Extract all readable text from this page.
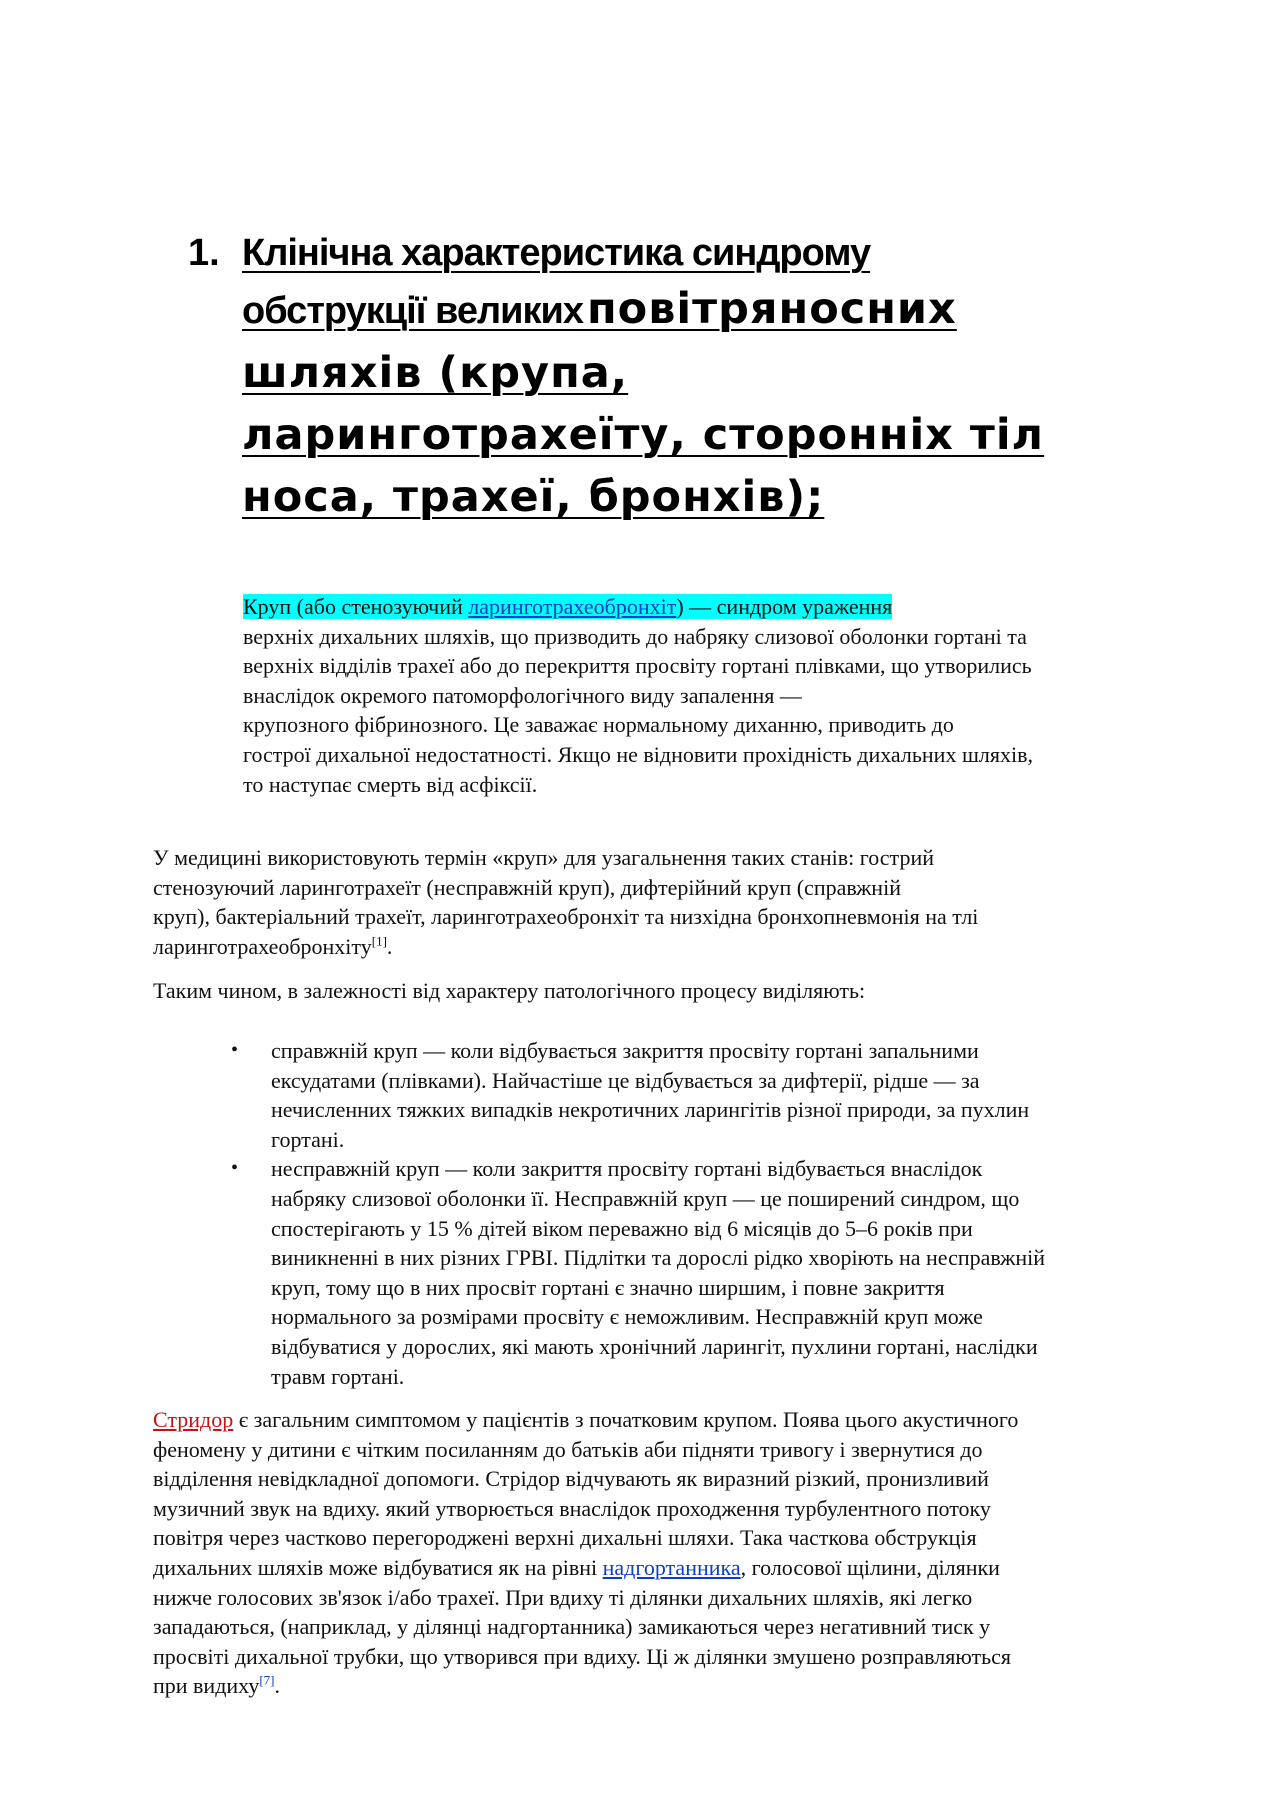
1. Клінічна характеристика синдрому
обструкції великих повітряносних
шляхів (крупа,
ларинготрахеїту, сторонніх тіл
носа, трахеї, бронхів);
Круп (або стенозуючий ларинготрахеобронхіт) — синдром ураження
верхніх дихальних шляхів, що призводить до набряку слизової оболонки гортані та
верхніх відділів трахеї або до перекриття просвіту гортані плівками, що утворились
внаслідок окремого патоморфологічного виду запалення —
крупозного фібринозного. Це заважає нормальному диханню, приводить до
гострої дихальної недостатності. Якщо не відновити прохідність дихальних шляхів,
то наступає смерть від асфіксії.
У медицині використовують термін «круп» для узагальнення таких станів: гострий
стенозуючий ларинготрахеїт (несправжній круп), дифтерійний круп (справжній
круп), бактеріальний трахеїт, ларинготрахеобронхіт та низхідна бронхопневмонія на тлі
ларинготрахеобронхіту[1].
Таким чином, в залежності від характеру патологічного процесу виділяють:
• справжній круп — коли відбувається закриття просвіту гортані запальними
ексудатами (плівками). Найчастіше це відбувається за дифтерії, рідше — за
нечисленних тяжких випадків некротичних ларингітів різної природи, за пухлин
гортані.
• несправжній круп — коли закриття просвіту гортані відбувається внаслідок
набряку слизової оболонки її. Несправжній круп — це поширений синдром, що
спостерігають у 15 % дітей віком переважно від 6 місяців до 5–6 років при
виникненні в них різних ГРВІ. Підлітки та дорослі рідко хворіють на несправжній
круп, тому що в них просвіт гортані є значно ширшим, і повне закриття
нормального за розмірами просвіту є неможливим. Несправжній круп може
відбуватися у дорослих, які мають хронічний ларингіт, пухлини гортані, наслідки
травм гортані.
Стридор є загальним симптомом у пацієнтів з початковим крупом. Поява цього акустичного
феномену у дитини є чітким посиланням до батьків аби підняти тривогу і звернутися до
відділення невідкладної допомоги. Стрідор відчувають як виразний різкий, пронизливий
музичний звук на вдиху. який утворюється внаслідок проходження турбулентного потоку
повітря через частково перегороджені верхні дихальні шляхи. Така часткова обструкція
дихальних шляхів може відбуватися як на рівні надгортанника, голосової щілини, ділянки
нижче голосових зв'язок і/або трахеї. При вдиху ті ділянки дихальних шляхів, які легко
западаються, (наприклад, у ділянці надгортанника) замикаються через негативний тиск у
просвіті дихальної трубки, що утворився при вдиху. Ці ж ділянки змушено розправляються
при видиху[7].
